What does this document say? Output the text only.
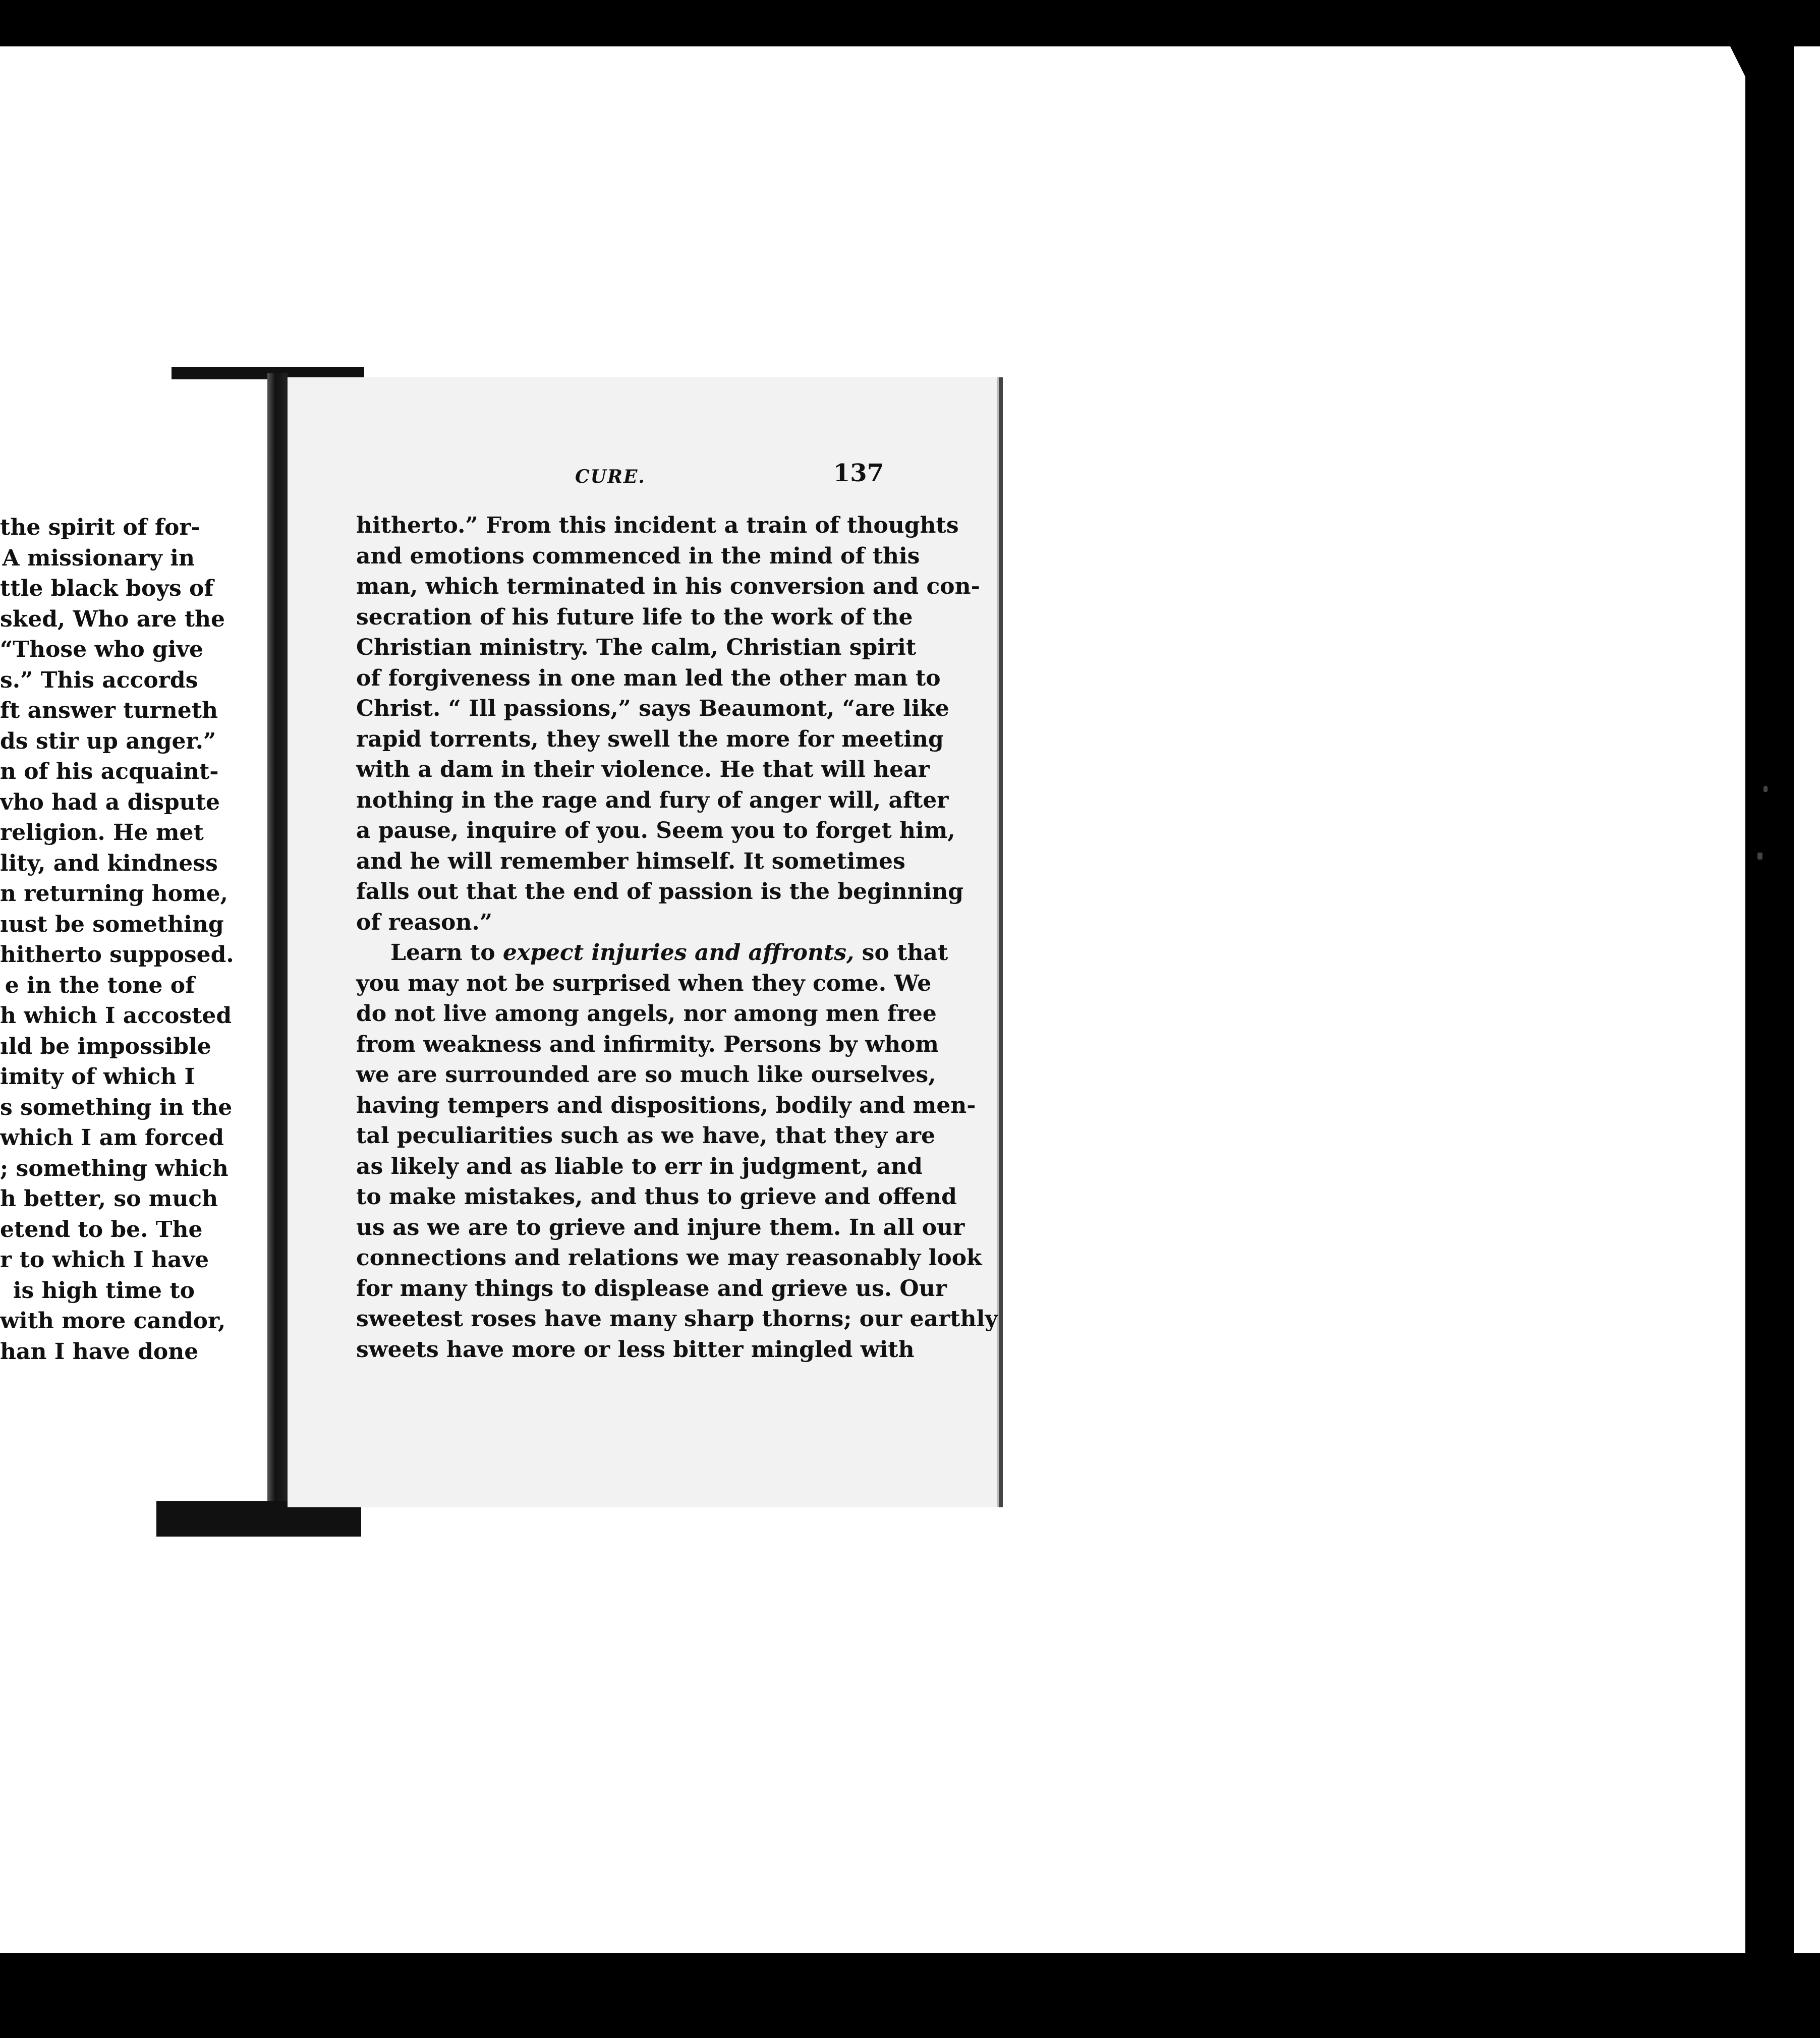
the spirit of for-
A missionary in
ttle black boys of
sked, Who are the
“Those who give
s.” This accords
ft answer turneth
ds stir up anger.”
n of his acquaint-
vho had a dispute
religion. He met
lity, and kindness
n returning home,
ıust be something
hitherto supposed.
e in the tone of
h which I accosted
ıld be impossible
imity of which I
s something in the
which I am forced
; something which
h better, so much
etend to be. The
r to which I have
is high time to
with more candor,
han I have done
CURE.	137
hitherto.” From this incident a train of thoughts
and emotions commenced in the mind of this
man, which terminated in his conversion and con-
secration of his future life to the work of the
Christian ministry. The calm, Christian spirit
of forgiveness in one man led the other man to
Christ. “ Ill passions,” says Beaumont, “are like
rapid torrents, they swell the more for meeting
with a dam in their violence. He that will hear
nothing in the rage and fury of anger will, after
a pause, inquire of you. Seem you to forget him,
and he will remember himself. It sometimes
falls out that the end of passion is the beginning
of reason.”
Learn to expect injuries and affronts, so that
you may not be surprised when they come. We
do not live among angels, nor among men free
from weakness and infirmity. Persons by whom
we are surrounded are so much like ourselves,
having tempers and dispositions, bodily and men-
tal peculiarities such as we have, that they are
as likely and as liable to err in judgment, and
to make mistakes, and thus to grieve and offend
us as we are to grieve and injure them. In all our
connections and relations we may reasonably look
for many things to displease and grieve us. Our
sweetest roses have many sharp thorns; our earthly
sweets have more or less bitter mingled with
